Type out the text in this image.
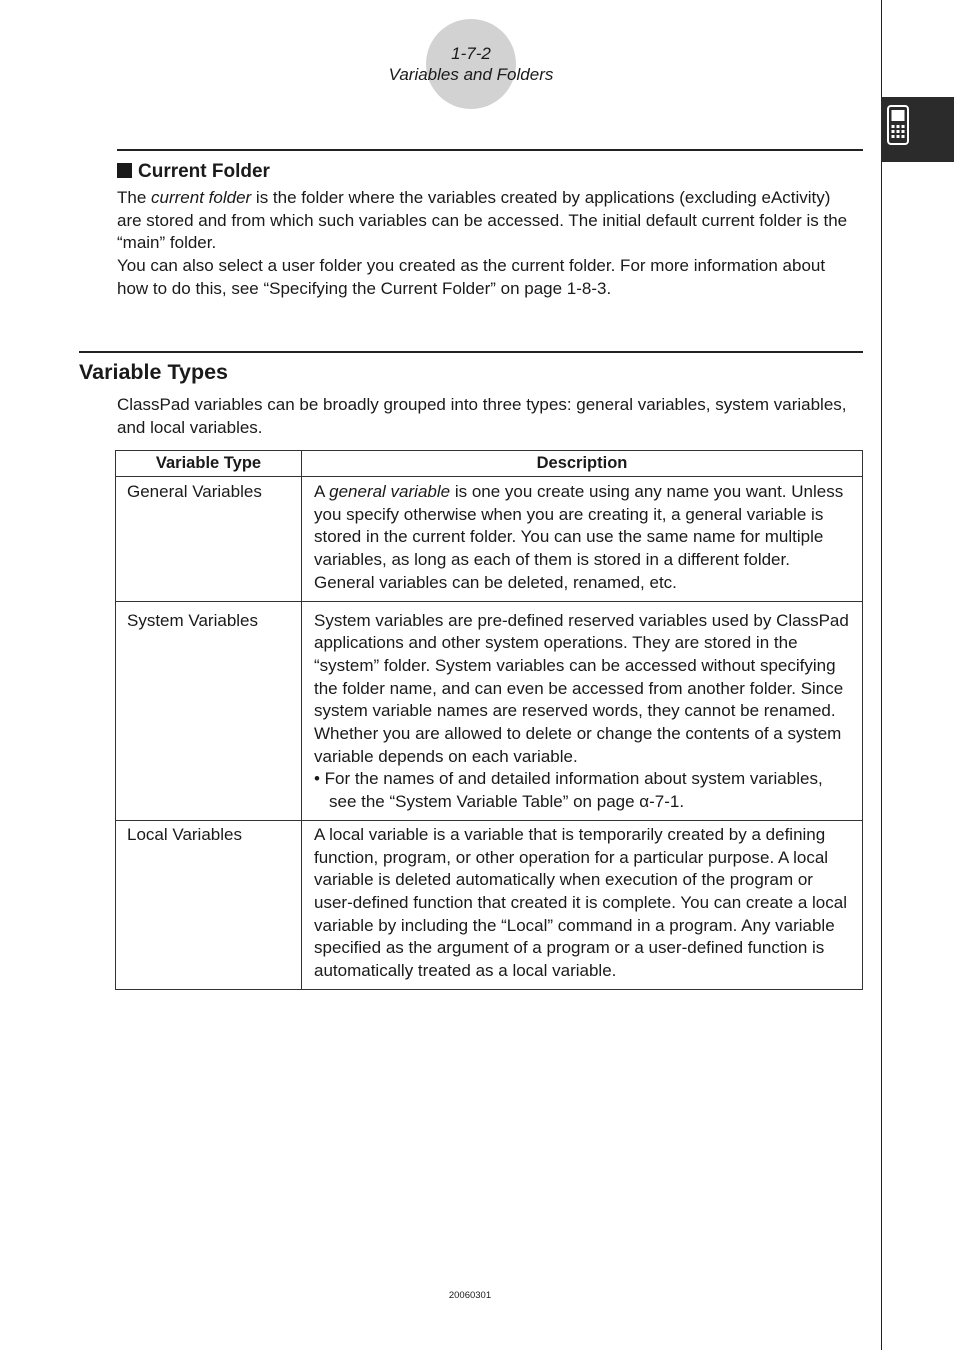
1-7-2
Variables and Folders
Current Folder

The current folder is the folder where the variables created by applications (excluding eActivity) are stored and from which such variables can be accessed. The initial default current folder is the “main” folder.

You can also select a user folder you created as the current folder. For more information about how to do this, see “Specifying the Current Folder” on page 1-8-3.

Variable Types

ClassPad variables can be broadly grouped into three types: general variables, system variables, and local variables.

Variable Type	Description
General Variables	A general variable is one you create using any name you want. Unless you specify otherwise when you are creating it, a general variable is stored in the current folder. You can use the same name for multiple variables, as long as each of them is stored in a different folder. General variables can be deleted, renamed, etc.
System Variables	System variables are pre-defined reserved variables used by ClassPad applications and other system operations. They are stored in the “system” folder. System variables can be accessed without specifying the folder name, and can even be accessed from another folder. Since system variable names are reserved words, they cannot be renamed. Whether you are allowed to delete or change the contents of a system variable depends on each variable.
• For the names of and detailed information about system variables,
see the “System Variable Table” on page α-7-1.

Local Variables	A local variable is a variable that is temporarily created by a defining function, program, or other operation for a particular purpose. A local variable is deleted automatically when execution of the program or user-defined function that created it is complete. You can create a local variable by including the “Local” command in a program. Any variable specified as the argument of a program or a user-defined function is automatically treated as a local variable.
20060301
